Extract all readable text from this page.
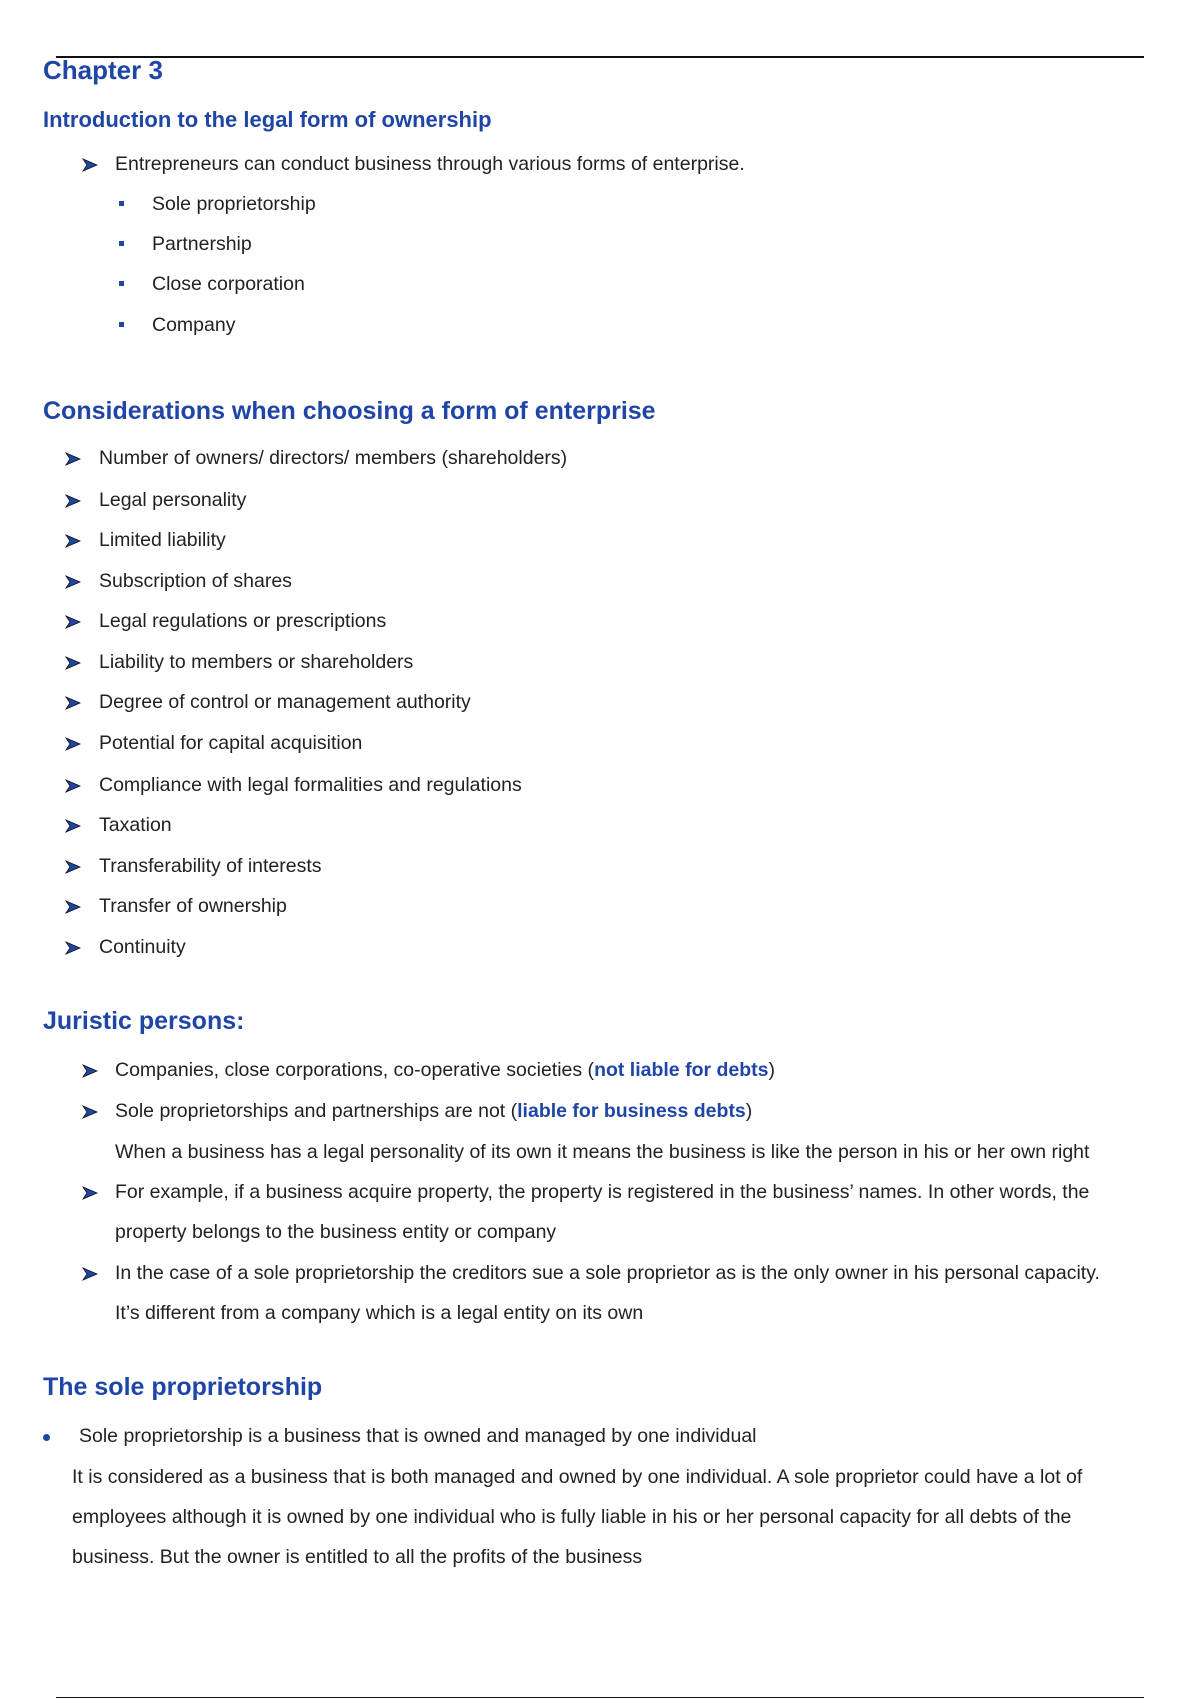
Chapter 3
Introduction to the legal form of ownership
Entrepreneurs can conduct business through various forms of enterprise.
Sole proprietorship
Partnership
Close corporation
Company
Considerations when choosing a form of enterprise
Number of owners/ directors/ members (shareholders)
Legal personality
Limited liability
Subscription of shares
Legal regulations or prescriptions
Liability to members or shareholders
Degree of control or management authority
Potential for capital acquisition
Compliance with legal formalities and regulations
Taxation
Transferability of interests
Transfer of ownership
Continuity
Juristic persons:
Companies, close corporations, co-operative societies (not liable for debts)
Sole proprietorships and partnerships are not (liable for business debts)
When a business has a legal personality of its own it means the business is like the person in his or her own right
For example, if a business acquire property, the property is registered in the business’ names. In other words, the
property belongs to the business entity or company
In the case of a sole proprietorship the creditors sue a sole proprietor as is the only owner in his personal capacity.
It’s different from a company which is a legal entity on its own
The sole proprietorship
Sole proprietorship is a business that is owned and managed by one individual
It is considered as a business that is both managed and owned by one individual. A sole proprietor could have a lot of
employees although it is owned by one individual who is fully liable in his or her personal capacity for all debts of the
business. But the owner is entitled to all the profits of the business
